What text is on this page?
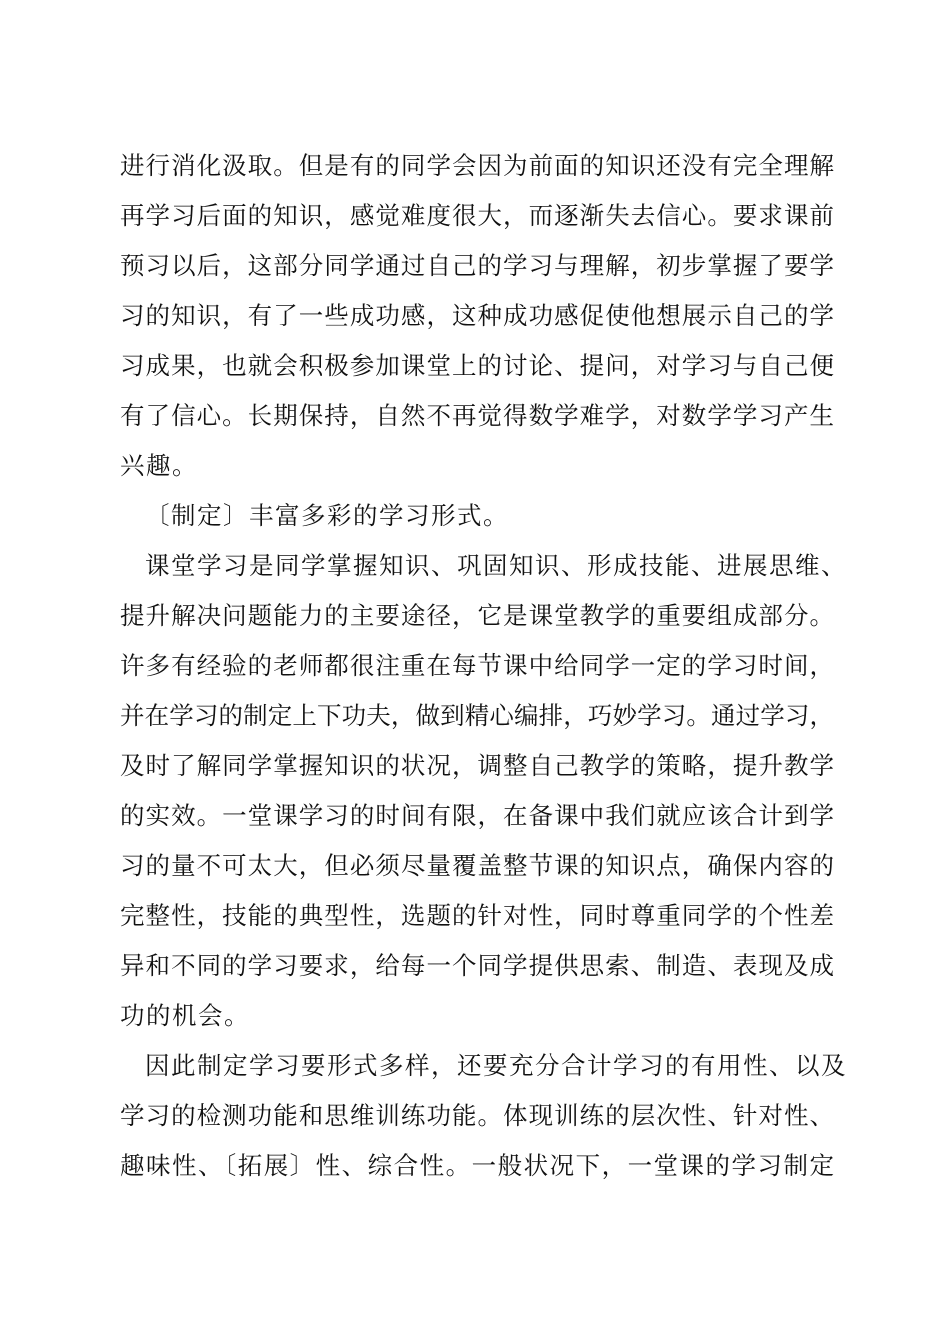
进行消化汲取。但是有的同学会因为前面的知识还没有完全理解
再学习后面的知识，感觉难度很大，而逐渐失去信心。要求课前
预习以后，这部分同学通过自己的学习与理解，初步掌握了要学
习的知识，有了一些成功感，这种成功感促使他想展示自己的学
习成果，也就会积极参加课堂上的讨论、提问，对学习与自己便
有了信心。长期保持，自然不再觉得数学难学，对数学学习产生
兴趣。
〔制定〕丰富多彩的学习形式。
课堂学习是同学掌握知识、巩固知识、形成技能、进展思维、
提升解决问题能力的主要途径，它是课堂教学的重要组成部分。
许多有经验的老师都很注重在每节课中给同学一定的学习时间，
并在学习的制定上下功夫，做到精心编排，巧妙学习。通过学习，
及时了解同学掌握知识的状况，调整自己教学的策略，提升教学
的实效。一堂课学习的时间有限，在备课中我们就应该合计到学
习的量不可太大，但必须尽量覆盖整节课的知识点，确保内容的
完整性，技能的典型性，选题的针对性，同时尊重同学的个性差
异和不同的学习要求，给每一个同学提供思索、制造、表现及成
功的机会。
因此制定学习要形式多样，还要充分合计学习的有用性、以及
学习的检测功能和思维训练功能。体现训练的层次性、针对性、
趣味性、〔拓展〕性、综合性。一般状况下，一堂课的学习制定
